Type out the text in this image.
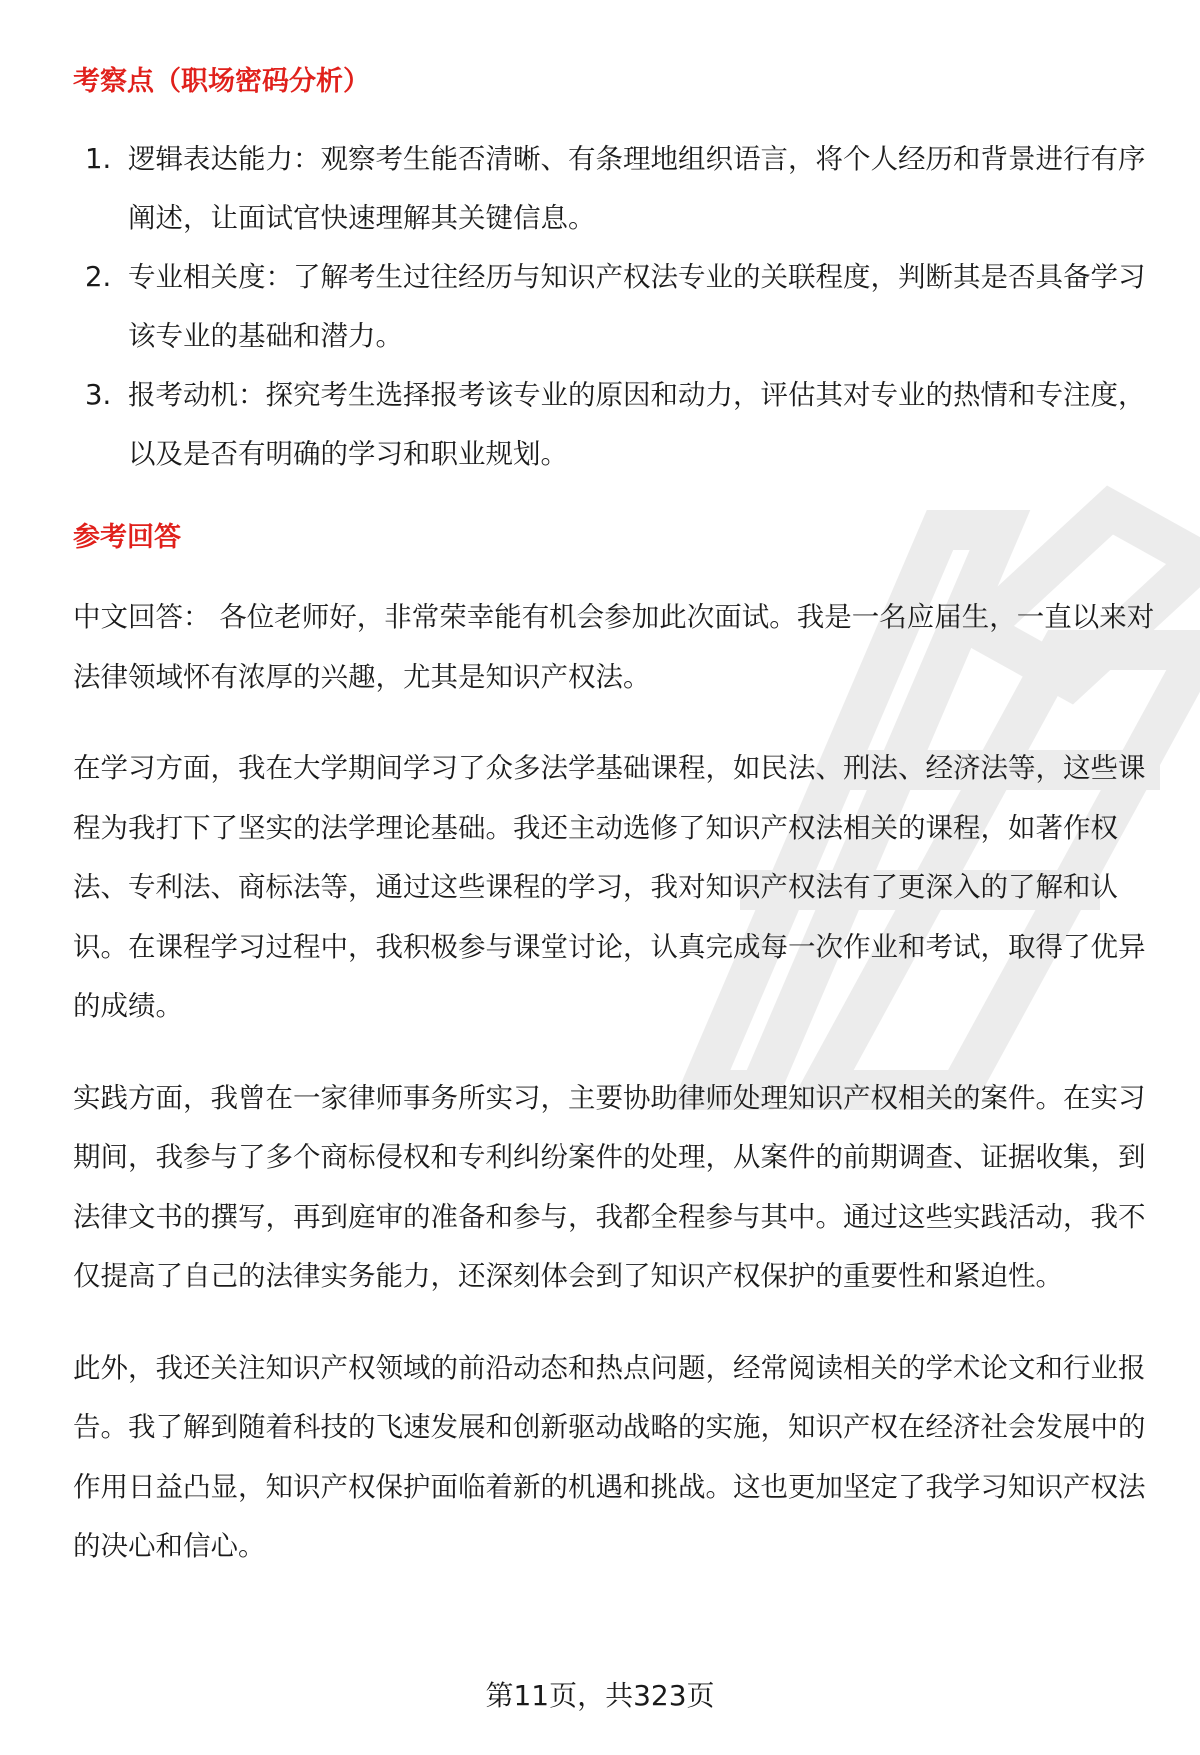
考察点（职场密码分析）
1. 逻辑表达能力：观察考生能否清晰、有条理地组织语言，将个人经历和背景进行有序阐述，让面试官快速理解其关键信息。
2. 专业相关度：了解考生过往经历与知识产权法专业的关联程度，判断其是否具备学习该专业的基础和潜力。
3. 报考动机：探究考生选择报考该专业的原因和动力，评估其对专业的热情和专注度，以及是否有明确的学习和职业规划。
参考回答

中文回答： 各位老师好，非常荣幸能有机会参加此次面试。我是一名应届生，一直以来对法律领域怀有浓厚的兴趣，尤其是知识产权法。

在学习方面，我在大学期间学习了众多法学基础课程，如民法、刑法、经济法等，这些课程为我打下了坚实的法学理论基础。我还主动选修了知识产权法相关的课程，如著作权法、专利法、商标法等，通过这些课程的学习，我对知识产权法有了更深入的了解和认识。在课程学习过程中，我积极参与课堂讨论，认真完成每一次作业和考试，取得了优异的成绩。

实践方面，我曾在一家律师事务所实习，主要协助律师处理知识产权相关的案件。在实习期间，我参与了多个商标侵权和专利纠纷案件的处理，从案件的前期调查、证据收集，到法律文书的撰写，再到庭审的准备和参与，我都全程参与其中。通过这些实践活动，我不仅提高了自己的法律实务能力，还深刻体会到了知识产权保护的重要性和紧迫性。

此外，我还关注知识产权领域的前沿动态和热点问题，经常阅读相关的学术论文和行业报告。我了解到随着科技的飞速发展和创新驱动战略的实施，知识产权在经济社会发展中的作用日益凸显，知识产权保护面临着新的机遇和挑战。这也更加坚定了我学习知识产权法的决心和信心。

第11页，共323页
